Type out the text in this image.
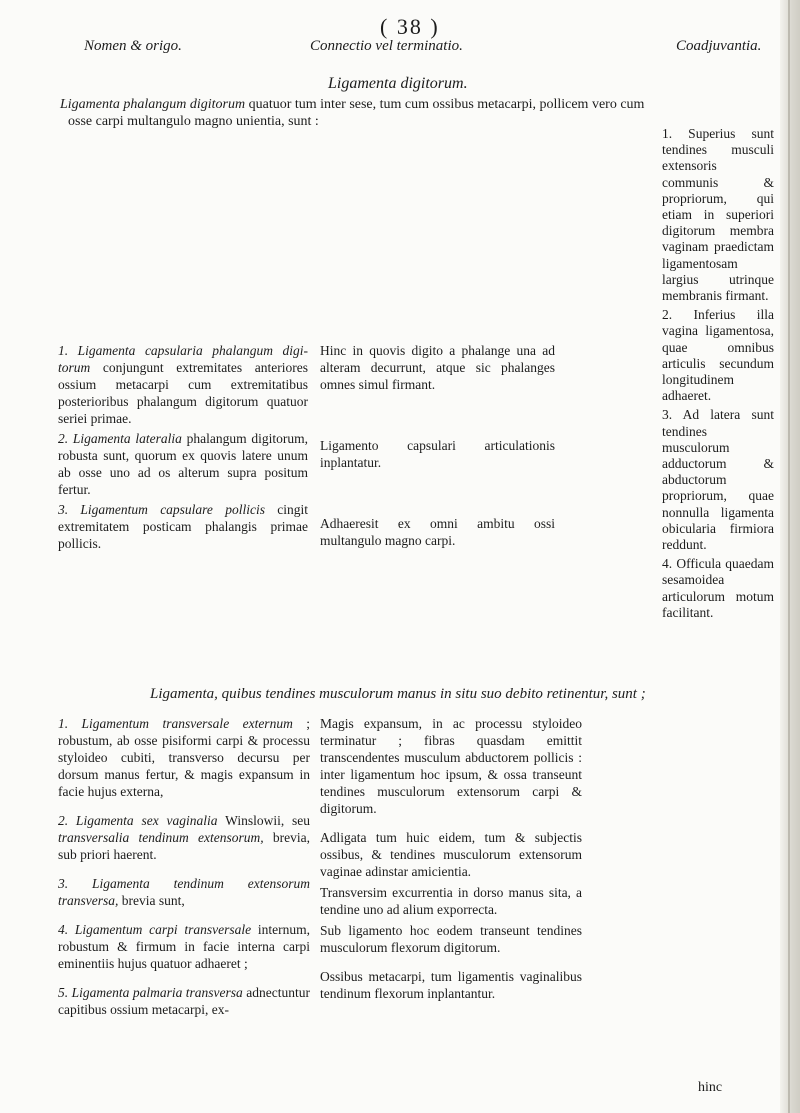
( 38 )
Nomen & origo.	Connectio vel terminatio.	Coadjuvantia.
Ligamenta digitorum.
Ligamenta phalangum digitorum quatuor tum inter sese, tum cum ossibus metacarpi, pollicem vero cum
osse carpi multangulo magno unientia, sunt :

1. Ligamenta capsularia phalangum digi- torum conjungunt extremitates anteriores ossium metacarpi cum extremitatibus posterioribus phalangum digitorum quatuor seriei primae.

2. Ligamenta lateralia phalangum digitorum, robusta sunt, quorum ex quovis latere unum ab osse uno ad os alterum supra positum fertur.

3. Ligamentum capsulare pollicis cingit extremitatem posticam phalangis primae pollicis.

Hinc in quovis digito a phalange una ad alteram decurrunt, atque sic phalanges omnes simul firmant.

Ligamento capsulari articulationis inplantatur.

Adhaeresit ex omni ambitu ossi multangulo magno carpi.

1. Superius sunt tendines musculi extensoris communis & propriorum, qui etiam in superiori digitorum membra vaginam praedictam ligamentosam largius utrinque membranis firmant.

2. Inferius illa vagina ligamentosa, quae omnibus articulis secundum longitudinem adhaeret.

3. Ad latera sunt tendines musculorum adductorum & abductorum propriorum, quae nonnulla ligamenta obicularia firmiora reddunt.

4. Officula quaedam sesamoidea articulorum motum facilitant.

Ligamenta, quibus tendines musculorum manus in situ suo debito retinentur, sunt ;

1. Ligamentum transversale externum ; robustum, ab osse pisiformi carpi & processu styloideo cubiti, transverso decursu per dorsum manus fertur, & magis expansum in facie hujus externa,

2. Ligamenta sex vaginalia Winslowii, seu transversalia tendinum extensorum, brevia, sub priori haerent.

3. Ligamenta tendinum extensorum transversa, brevia sunt,

4. Ligamentum carpi transversale internum, robustum & firmum in facie interna carpi eminentiis hujus quatuor adhaeret ;

5. Ligamenta palmaria transversa adnectuntur capitibus ossium metacarpi, ex-

Magis expansum, in ac processu styloideo terminatur ; fibras quasdam emittit transcendentes musculum abductorem pollicis : inter ligamentum hoc ipsum, & ossa transeunt tendines musculorum extensorum carpi & digitorum.

Adligata tum huic eidem, tum & subjectis ossibus, & tendines musculorum extensorum vaginae adinstar amicientia.

Transversim excurrentia in dorso manus sita, a tendine uno ad alium exporrecta.

Sub ligamento hoc eodem transeunt tendines musculorum flexorum digitorum.

Ossibus metacarpi, tum ligamentis vaginalibus tendinum flexorum inplantantur.

hinc
